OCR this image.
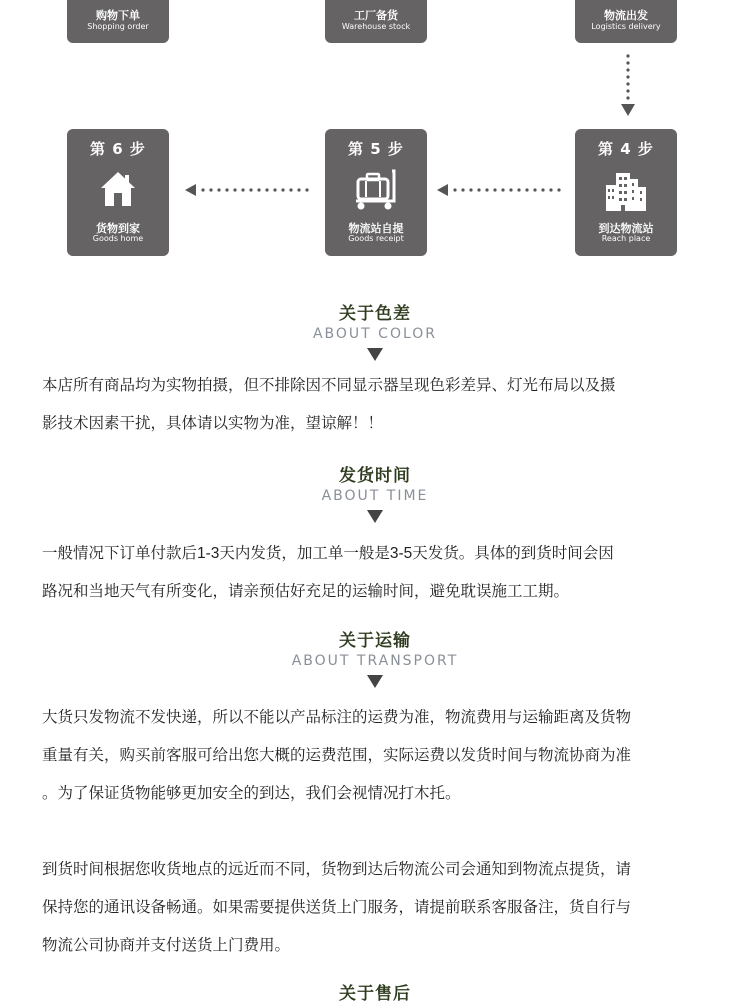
购物下单
Shopping order
工厂备货
Warehouse stock
物流出发
Logistics delivery
第 6 步
货物到家
Goods home
第 5 步
物流站自提
Goods receipt
第 4 步
到达物流站
Reach place
关于色差
ABOUT COLOR
本店所有商品均为实物拍摄，但不排除因不同显示器呈现色彩差异、灯光布局以及摄
影技术因素干扰，具体请以实物为准，望谅解！！
发货时间
ABOUT TIME
一般情况下订单付款后1-3天内发货，加工单一般是3-5天发货。具体的到货时间会因
路况和当地天气有所变化，请亲预估好充足的运输时间，避免耽误施工工期。
关于运输
ABOUT TRANSPORT
大货只发物流不发快递，所以不能以产品标注的运费为准，物流费用与运输距离及货物
重量有关，购买前客服可给出您大概的运费范围，实际运费以发货时间与物流协商为准
。为了保证货物能够更加安全的到达，我们会视情况打木托。
到货时间根据您收货地点的远近而不同，货物到达后物流公司会通知到物流点提货，请
保持您的通讯设备畅通。如果需要提供送货上门服务，请提前联系客服备注，货自行与
物流公司协商并支付送货上门费用。
关于售后
